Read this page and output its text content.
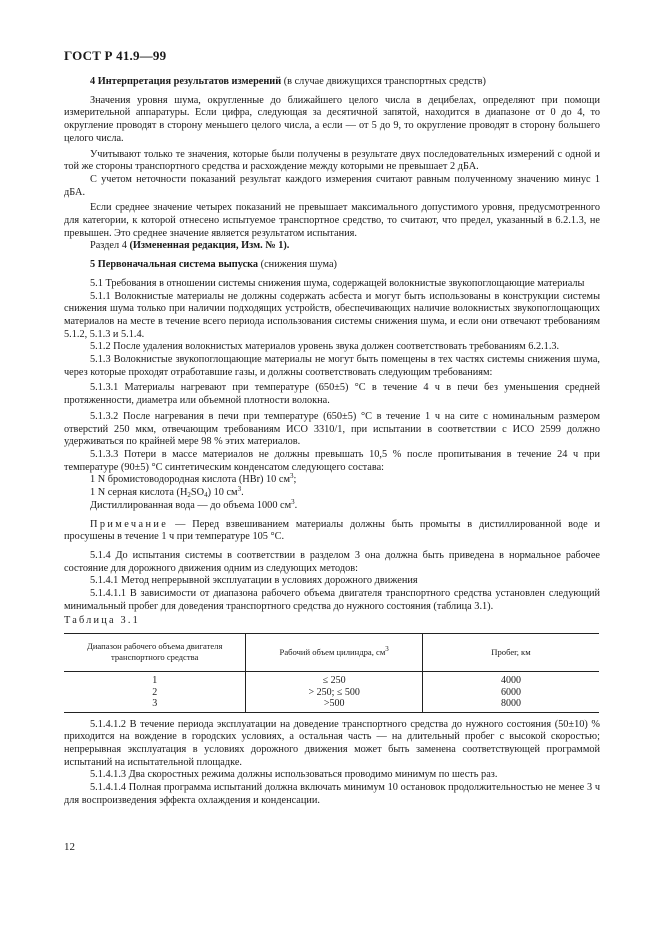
ГОСТ Р 41.9—99

4 Интерпретация результатов измерений (в случае движущихся транспортных средств)

Значения уровня шума, округленные до ближайшего целого числа в децибелах, определяют при помощи измерительной аппаратуры. Если цифра, следующая за десятичной запятой, находится в диапазоне от 0 до 4, то округление проводят в сторону меньшего целого числа, а если — от 5 до 9, то округление проводят в сторону большего целого числа.

Учитывают только те значения, которые были получены в результате двух последовательных измерений с одной и той же стороны транспортного средства и расхождение между которыми не превышает 2 дБА.

С учетом неточности показаний результат каждого измерения считают равным полученному значению минус 1 дБА.

Если среднее значение четырех показаний не превышает максимального допустимого уровня, предусмотренного для категории, к которой отнесено испытуемое транспортное средство, то считают, что предел, указанный в 6.2.1.3, не превышен. Это среднее значение является результатом испытания.

Раздел 4 (Измененная редакция, Изм. № 1).

5 Первоначальная система выпуска (снижения шума)

5.1 Требования в отношении системы снижения шума, содержащей волокнистые звукопоглощающие материалы

5.1.1 Волокнистые материалы не должны содержать асбеста и могут быть использованы в конструкции системы снижения шума только при наличии подходящих устройств, обеспечивающих наличие волокнистых звукопоглощающих материалов на месте в течение всего периода использования системы снижения шума, и если они отвечают требованиям 5.1.2, 5.1.3 и 5.1.4.

5.1.2 После удаления волокнистых материалов уровень звука должен соответствовать требованиям 6.2.1.3.

5.1.3 Волокнистые звукопоглощающие материалы не могут быть помещены в тех частях системы снижения шума, через которые проходят отработавшие газы, и должны соответствовать следующим требованиям:

5.1.3.1 Материалы нагревают при температуре (650±5) °С в течение 4 ч в печи без уменьшения средней протяженности, диаметра или объемной плотности волокна.

5.1.3.2 После нагревания в печи при температуре (650±5) °С в течение 1 ч на сите с номинальным размером отверстий 250 мкм, отвечающим требованиям ИСО 3310/1, при испытании в соответствии с ИСО 2599 должно удерживаться по крайней мере 98 % этих материалов.

5.1.3.3 Потери в массе материалов не должны превышать 10,5 % после пропитывания в течение 24 ч при температуре (90±5) °С синтетическим конденсатом следующего состава:

1 N бромистоводородная кислота (HBr) 10 $см^3$;

1 N серная кислота $(H_2SO_4)$ 10 $см^3$.

Дистиллированная вода — до объема 1000 $см^3$.

Примечание — Перед взвешиванием материалы должны быть промыты в дистиллированной воде и просушены в течение 1 ч при температуре 105 °С.

5.1.4 До испытания системы в соответствии в разделом 3 она должна быть приведена в нормальное рабочее состояние для дорожного движения одним из следующих методов:

5.1.4.1 Метод непрерывной эксплуатации в условиях дорожного движения

5.1.4.1.1 В зависимости от диапазона рабочего объема двигателя транспортного средства установлен следующий минимальный пробег для доведения транспортного средства до нужного состояния (таблица 3.1).

Таблица 3.1

Диапазон рабочего объема двигателя транспортного средства	Рабочий объем цилиндра, $см^3$	Пробег, км
1	≤ 250	4000
2	> 250; ≤ 500	6000
3	>500	8000

5.1.4.1.2 В течение периода эксплуатации на доведение транспортного средства до нужного состояния (50±10) % приходится на вождение в городских условиях, а остальная часть — на длительный пробег с высокой скоростью; непрерывная эксплуатация в условиях дорожного движения может быть заменена соответствующей программой испытаний на испытательной площадке.

5.1.4.1.3 Два скоростных режима должны использоваться проводимо минимум по шесть раз.

5.1.4.1.4 Полная программа испытаний должна включать минимум 10 остановок продолжительностью не менее 3 ч для воспроизведения эффекта охлаждения и конденсации.

12
